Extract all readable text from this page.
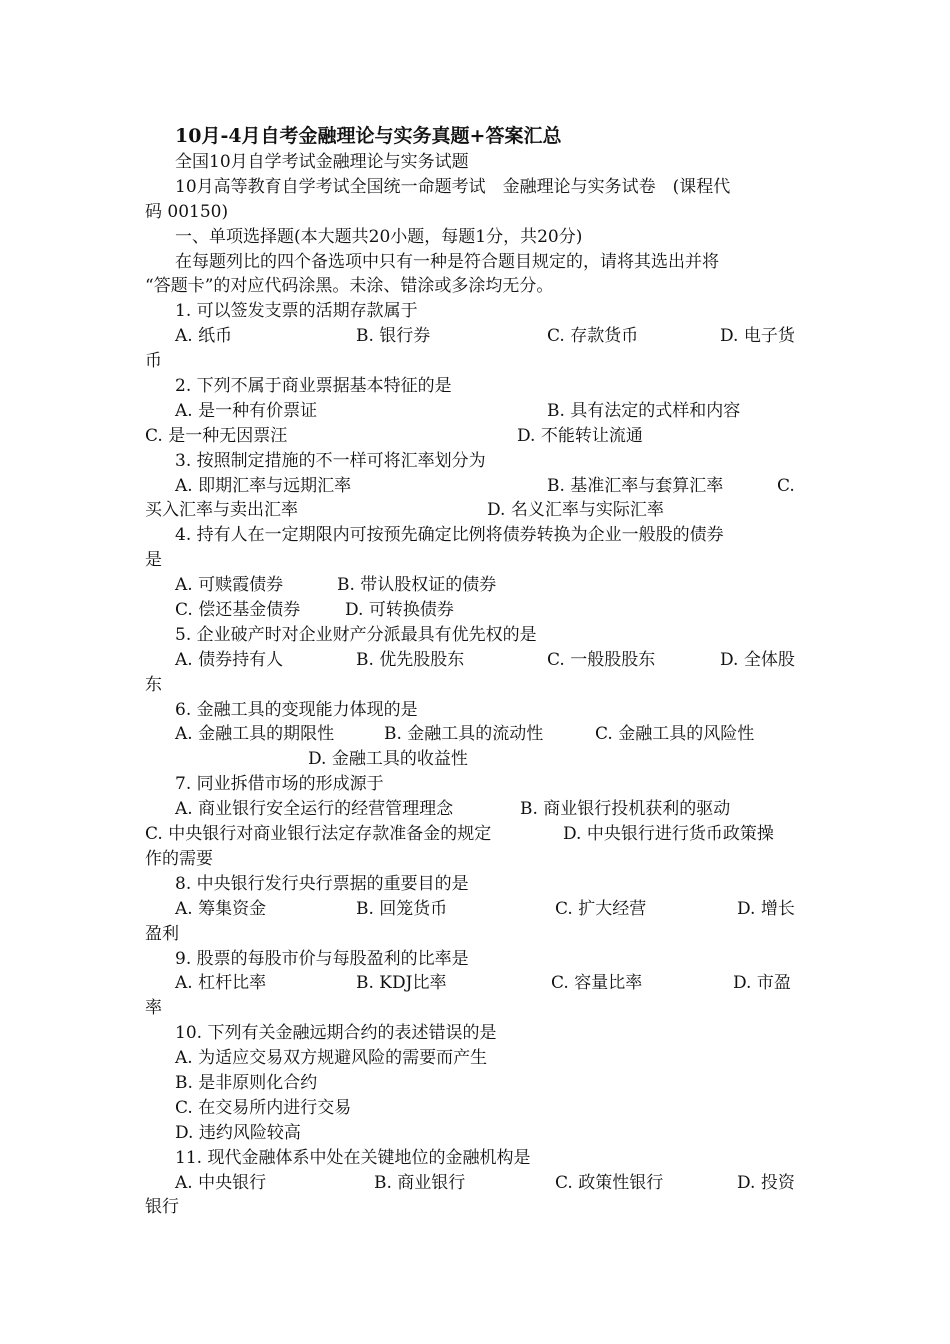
10月-4月自考金融理论与实务真题+答案汇总
全国10月自学考试金融理论与实务试题
10月高等教育自学考试全国统一命题考试　金融理论与实务试卷　(课程代
码 00150)
一、单项选择题(本大题共20小题，每题1分，共20分)
在每题列比的四个备选项中只有一种是符合题目规定的，请将其选出并将
“答题卡”的对应代码涂黑。未涂、错涂或多涂均无分。
1. 可以签发支票的活期存款属于
A. 纸币	B. 银行券	C. 存款货币	D. 电子货
币
2. 下列不属于商业票据基本特征的是
A. 是一种有价票证	B. 具有法定的式样和内容
C. 是一种无因票汪	D. 不能转让流通
3. 按照制定措施的不一样可将汇率划分为
A. 即期汇率与远期汇率	B. 基准汇率与套算汇率	C.
买入汇率与卖出汇率	D. 名义汇率与实际汇率
4. 持有人在一定期限内可按预先确定比例将债券转换为企业一般股的债券
是
A. 可赎霞债券	B. 带认股权证的债券
C. 偿还基金债券	D. 可转换债券
5. 企业破产时对企业财产分派最具有优先权的是
A. 债券持有人	B. 优先股股东	C. 一般股股东	D. 全体股
东
6. 金融工具的变现能力体现的是
A. 金融工具的期限性	B. 金融工具的流动性	C. 金融工具的风险性
D. 金融工具的收益性
7. 同业拆借市场的形成源于
A. 商业银行安全运行的经营管理理念	B. 商业银行投机获利的驱动
C. 中央银行对商业银行法定存款准备金的规定	D. 中央银行进行货币政策操
作的需要
8. 中央银行发行央行票据的重要目的是
A. 筹集资金	B. 回笼货币	C. 扩大经营	D. 增长
盈利
9. 股票的每股市价与每股盈利的比率是
A. 杠杆比率	B. KDJ比率	C. 容量比率	D. 市盈
率
10. 下列有关金融远期合约的表述错误的是
A. 为适应交易双方规避风险的需要而产生
B. 是非原则化合约
C. 在交易所内进行交易
D. 违约风险较高
11. 现代金融体系中处在关键地位的金融机构是
A. 中央银行	B. 商业银行	C. 政策性银行	D. 投资
银行
